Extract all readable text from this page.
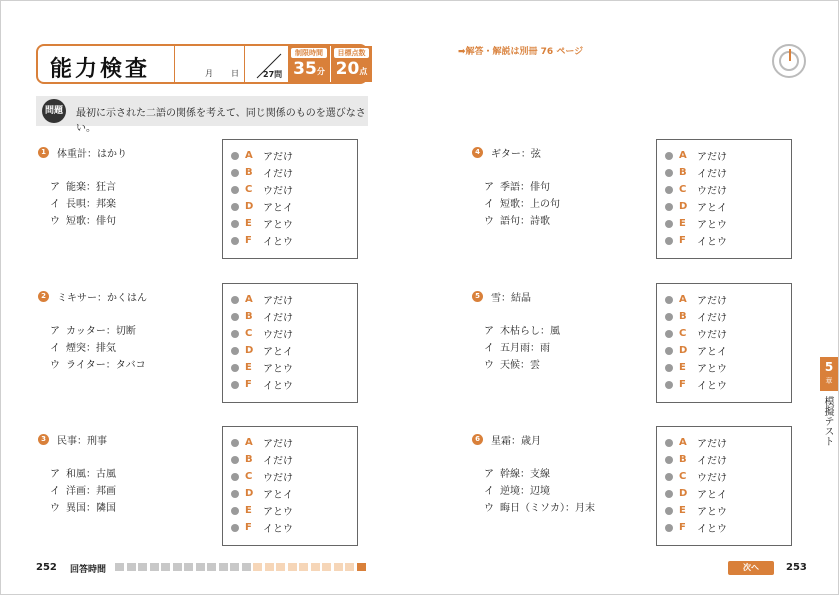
能力検査	月 日	27問
制限時間
35分
目標点数
20点
問題	最初に示された二語の関係を考えて、同じ関係のものを選びなさい。
1	体重計：はかり
ア 能楽：狂言
イ 長唄：邦楽
ウ 短歌：俳句
A	アだけ
B	イだけ
C	ウだけ
D アとイ
E	アとウ
F	イとウ
2	ミキサー：かくはん
ア カッター：切断
イ 煙突：排気
ウ ライター：タバコ
A	アだけ
B	イだけ
C	ウだけ
D アとイ
E	アとウ
F	イとウ
3	民事：刑事
ア 和風：古風
イ 洋画：邦画
ウ 異国：隣国
A	アだけ
B	イだけ
C	ウだけ
D アとイ
E	アとウ
F	イとウ
252 回答時間
➡解答・解説は別冊 76 ページ
4	ギター：弦
ア 季語：俳句
イ 短歌：上の句
ウ 語句：詩歌
A	アだけ
B	イだけ
C	ウだけ
D アとイ
E	アとウ
F	イとウ
5	雪：結晶
ア 木枯らし：風
イ 五月雨：雨
ウ 天候：雲
A	アだけ
B	イだけ
C	ウだけ
D アとイ
E	アとウ
F	イとウ
6	星霜：歳月
ア 幹線：支線
イ 逆境：辺境
ウ 晦日（ミソカ）：月末
A	アだけ
B	イだけ
C	ウだけ
D アとイ
E	アとウ
F	イとウ
5
章
模擬テスト
次へ	253
